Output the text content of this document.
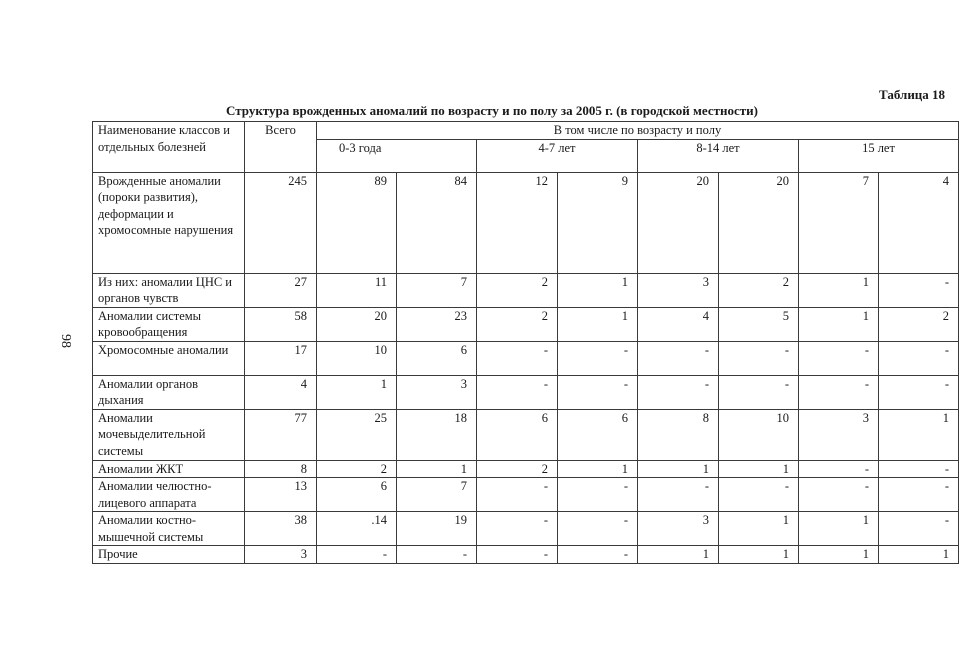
Таблица 18
98
Структура врожденных аномалий по возрасту и по полу за 2005 г. (в городской местности)
Наименование классов и отдельных болезней	Всего	В том числе по возрасту и полу							
		0-3 года		4-7 лет		8-14 лет		15 лет	
Врожденные аномалии (пороки развития), деформации и хромосомные нарушения	245	89	84	12	9	20	20	7	4
Из них: аномалии ЦНС и органов чувств	27	11	7	2	1	3	2	1	-
Аномалии системы кровообращения	58	20	23	2	1	4	5	1	2
Хромосомные аномалии	17	10	6	-	-	-	-	-	-
Аномалии органов дыхания	4	1	3	-	-	-	-	-	-
Аномалии мочевыделительной системы	77	25	18	6	6	8	10	3	1
Аномалии ЖКТ	8	2	1	2	1	1	1	-	-
Аномалии челюстно-лицевого аппарата	13	6	7	-	-	-	-	-	-
Аномалии костно-мышечной системы	38	.14	19	-	-	3	1	1	-
Прочие	3	-	-	-	-	1	1	1	1
